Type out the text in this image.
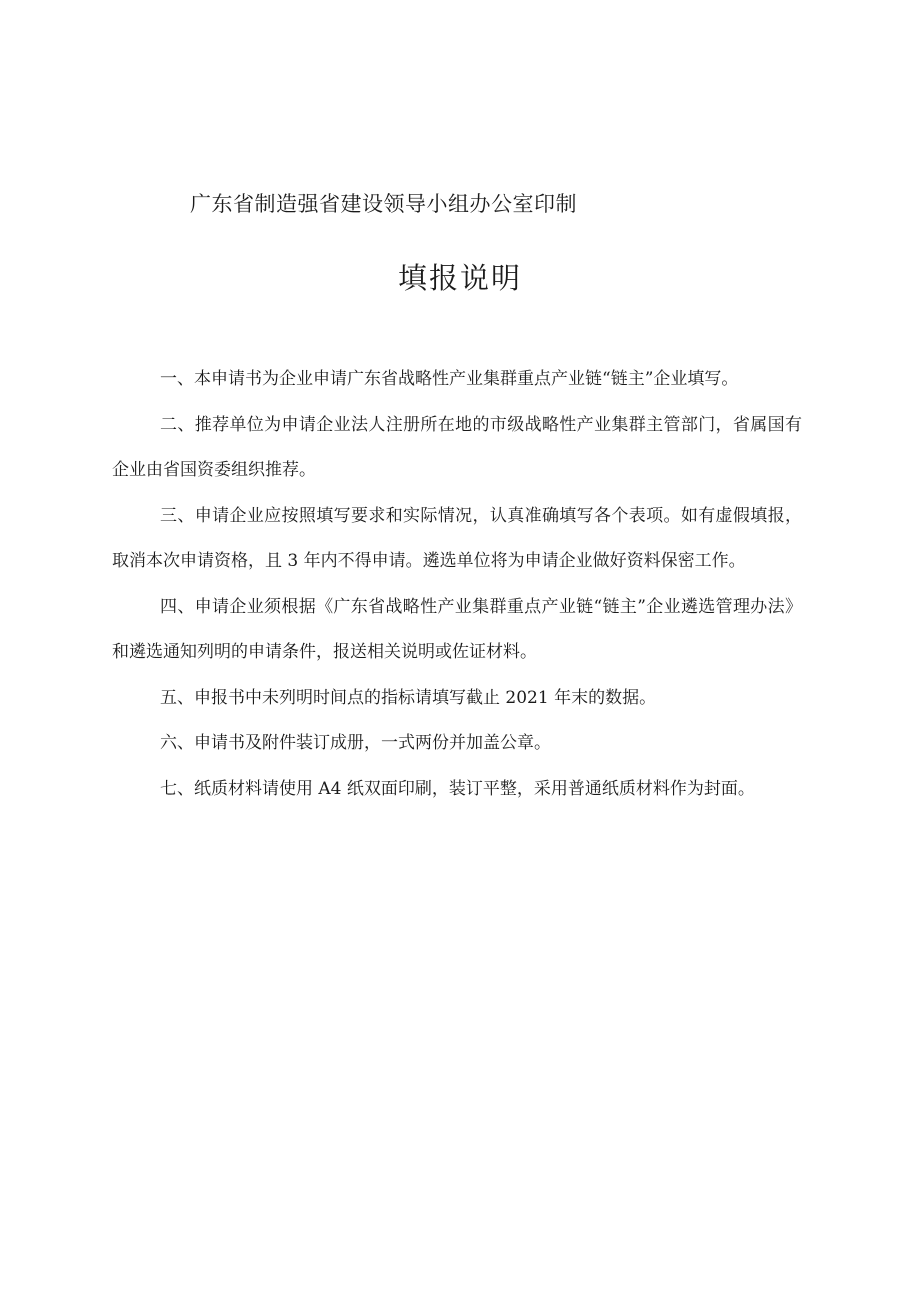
广东省制造强省建设领导小组办公室印制
填报说明

一、本申请书为企业申请广东省战略性产业集群重点产业链“链主”企业填写。

二、推荐单位为申请企业法人注册所在地的市级战略性产业集群主管部门，省属国有企业由省国资委组织推荐。

三、申请企业应按照填写要求和实际情况，认真准确填写各个表项。如有虚假填报，取消本次申请资格，且 3 年内不得申请。遴选单位将为申请企业做好资料保密工作。

四、申请企业须根据《广东省战略性产业集群重点产业链“链主”企业遴选管理办法》和遴选通知列明的申请条件，报送相关说明或佐证材料。

五、申报书中未列明时间点的指标请填写截止 2021 年末的数据。

六、申请书及附件装订成册，一式两份并加盖公章。

七、纸质材料请使用 A4 纸双面印刷，装订平整，采用普通纸质材料作为封面。
